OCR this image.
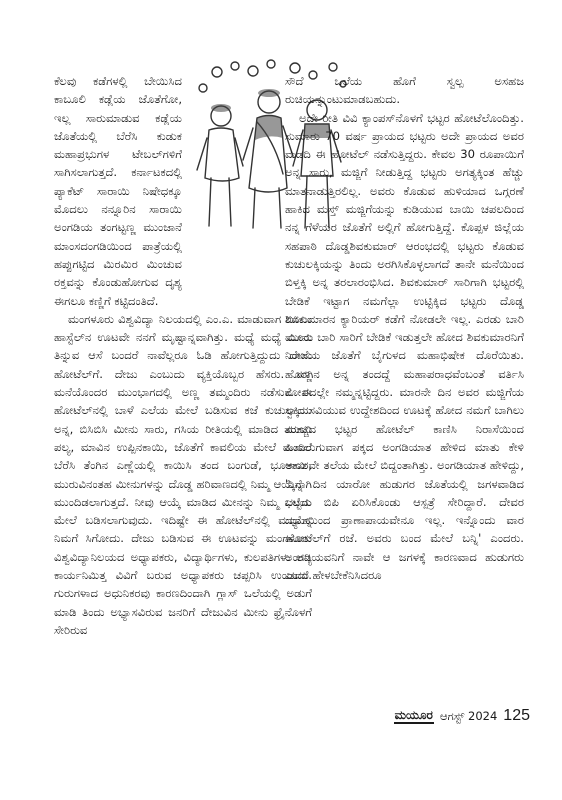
ಕೆಲವು ಕಡೆಗಳಲ್ಲಿ ಬೇಯಿಸಿದ ಕಾಬೂಲಿ ಕಡ್ಲೆಯ ಜೊತೆಗೋ, ಇಲ್ಲ ಸಾರುಮಾಡುವ ಕಡ್ಲೆಯ ಜೊತೆಯಲ್ಲಿ ಬೆರೆಸಿ ಕುಡುಕ ಮಹಾಪ್ರಭುಗಳ ಟೇಬಲ್‌ಗಳಿಗೆ ಸಾಗಿಸಲಾಗುತ್ತದೆ. ಕರ್ನಾಟಕದಲ್ಲಿ ಪ್ಯಾಕೆಟ್ ಸಾರಾಯಿ ನಿಷೇಧಕ್ಕೂ ಮೊದಲು ನನ್ನೂರಿನ ಸಾರಾಯಿ ಅಂಗಡಿಯ ತಂಗಟ್ಟಣ್ಣ ಮುಂಜಾನೆ ಮಾಂಸದಂಗಡಿಯಿಂದ ಪಾತ್ರೆಯಲ್ಲಿ ಹಪ್ಪುಗಟ್ಟಿದ ಮಿರಮಿರ ಮಿಂಚುವ ರಕ್ತವನ್ನು ಕೊಂಡುಹೋಗುವ ದೃಶ್ಯ ಈಗಲೂ ಕಣ್ಣಿಗೆ ಕಟ್ಟಿದಂತಿದೆ.

ಮಂಗಳೂರು ವಿಶ್ವವಿದ್ಯಾ ನಿಲಯದಲ್ಲಿ ಎಂ.ಎ. ಮಾಡುವಾಗ ಬಿಸಿಎಂ ಹಾಸ್ಟೆಲ್‌ನ ಊಟವೇ ನನಗೆ ಮೃಷ್ಟಾನ್ನವಾಗಿತ್ತು. ಮಧ್ಯೆ ಮಧ್ಯೆ ಮೀನು ತಿನ್ನುವ ಆಸೆ ಬಂದರೆ ನಾವೆಲ್ಲರೂ ಓಡಿ ಹೋಗುತ್ತಿದ್ದುದು ದೇಜು ಹೋಟೆಲ್‌ಗೆ. ದೇಜು ಎಂಬುದು ವ್ಯಕ್ತಿಯೊಬ್ಬರ ಹೆಸರು. ಸಣ್ಣ ಮನೆಯೊಂದರ ಮುಂಭಾಗದಲ್ಲಿ ಅಣ್ಣ ತಮ್ಮಂದಿರು ನಡೆಸುವ ಈ ಹೋಟೆಲ್‌ನಲ್ಲಿ ಬಾಳೆ ಎಲೆಯ ಮೇಲೆ ಬಡಿಸುವ ಕಜೆ ಕುಚುಲಕ್ಕಿಯ ಅನ್ನ, ಬಿಸಿಬಿಸಿ ಮೀನು ಸಾರು, ಗಸಿಯ ರೀತಿಯಲ್ಲಿ ಮಾಡಿದ ತರಕಾರಿ ಪಲ್ಯ, ಮಾವಿನ ಉಪ್ಪಿನಕಾಯಿ, ಜೊತೆಗೆ ಕಾವಲಿಯ ಮೇಲೆ ಮಸಾಲೆ ಬೆರೆಸಿ ತೆಂಗಿನ ಎಣ್ಣೆಯಲ್ಲಿ ಕಾಯಿಸಿ ತಂದ ಬಂಗುಡೆ, ಭೂತಾಯಿ, ಮುರುವಿನಂತಹ ಮೀನುಗಳನ್ನು ದೊಡ್ಡ ಹರಿವಾಣದಲ್ಲಿ ನಿಮ್ಮ ಆಯ್ಕೆಗಾಗಿ ಮುಂದಿಡಲಾಗುತ್ತದೆ. ನೀವು ಆಯ್ಕೆ ಮಾಡಿದ ಮೀನನ್ನು ನಿಮ್ಮ ಎಲೆಯ ಮೇಲೆ ಬಡಿಸಲಾಗುವುದು. ಇದಿಷ್ಟೇ ಈ ಹೋಟೆಲ್‌ನಲ್ಲಿ ಮಧ್ಯಾಹ್ನ ನಿಮಗೆ ಸಿಗೋದು. ದೇಜು ಬಡಿಸುವ ಈ ಊಟವನ್ನು ಮಂಗಳೂರು ವಿಶ್ವವಿದ್ಯಾನಿಲಯದ ಅಧ್ಯಾಪಕರು, ವಿದ್ಯಾರ್ಥಿಗಳು, ಕುಲಪತಿಗಳು ಅನ್ಯ ಕಾರ್ಯನಿಮಿತ್ತ ವಿವಿಗೆ ಬರುವ ಅಧ್ಯಾಪಕರು ಚಪ್ಪರಿಸಿ ಉಂಡವರೆ. ಗುರುಗಳಾದ ಅಧುನಿಕರವು ಕಾರಣದಿಂದಾಗಿ ಗ್ಲಾಸ್ ಒಲೆಯಲ್ಲಿ ಅಡುಗೆ ಮಾಡಿ ತಿಂದು ಅಭ್ಯಾಸವಿರುವ ಜನರಿಗೆ ದೇಜುವಿನ ಮೀನು ಫ್ರೈನೊಳಗೆ ಸೇರಿರುವ

ಸೌದೆ ಒಲೆಯ ಹೊಗೆ ಸ್ವಲ್ಪ ಅಸಹಜ ರುಚಿಯನ್ನುಂಟುಮಾಡಬಹುದು.

ಅದೇ ರೀತಿ ವಿವಿ ಕ್ಯಾಂಪಸ್‌ನೊಳಗೆ ಭಟ್ಟರ ಹೋಟೆಲೊಂದಿತ್ತು. ಸುಮಾರು 70 ವರ್ಷ ಪ್ರಾಯದ ಭಟ್ಟರು ಅದೇ ಪ್ರಾಯದ ಅವರ ಮಡದಿ ಈ ಹೋಟೆಲ್ ನಡೆಸುತ್ತಿದ್ದರು. ಕೇವಲ 30 ರೂಪಾಯಿಗೆ ಅನ್ನ ಸಾರು, ಮಜ್ಜಿಗೆ ನೀಡುತ್ತಿದ್ದ ಭಟ್ಟರು ಅಗತ್ಯಕ್ಕಿಂತ ಹೆಚ್ಚು ಮಾತನಾಡುತ್ತಿರಲಿಲ್ಲ. ಅವರು ಕೊಡುವ ಹುಳಿಯಾದ ಒಗ್ಗರಣೆ ಹಾಕಿದ ಮಸ್ತ್ ಮಜ್ಜಿಗೆಯನ್ನು ಕುಡಿಯುವ ಬಾಯಿ ಚಪಲದಿಂದ ನನ್ನ ಗೆಳೆಯರ ಜೊತೆಗೆ ಅಲ್ಲಿಗೆ ಹೋಗುತ್ತಿದ್ದೆ. ಕೊಪ್ಪಳ ಜಿಲ್ಲೆಯ ಸಹಪಾಠಿ ದೊಡ್ಡಶಿವಕುಮಾರ್ ಆರಂಭದಲ್ಲಿ ಭಟ್ಟರು ಕೊಡುವ ಕುಚುಲಕ್ಕಿಯನ್ನು ತಿಂದು ಅರಗಿಸಿಕೊಳ್ಳಲಾಗದೆ ತಾನೇ ಮನೆಯಿಂದ ಬಿಳ್ತಕ್ಕಿ ಅನ್ನ ತರಲಾರಂಭಿಸಿದ. ಶಿವಕುಮಾರ್ ಸಾರಿಗಾಗಿ ಭಟ್ಟರಲ್ಲಿ ಬೇಡಿಕೆ ಇಟ್ಟಾಗ ನಮಗೆಲ್ಲಾ ಉಟ್ಟಿಕ್ಕಿದ ಭಟ್ಟರು ದೊಡ್ಡ ಶಿವಕುಮಾರನ ಕ್ಯಾರಿಯರ್ ಕಡೆಗೆ ನೋಡಲೇ ಇಲ್ಲ. ಎರಡು ಬಾರಿ ಮೂರು ಬಾರಿ ಸಾರಿಗೆ ಬೇಡಿಕೆ ಇಡುತ್ತಲೇ ಹೋದ ಶಿವಕುಮಾರನಿಗೆ ನಿರಾಸೆಯ ಜೊತೆಗೆ ಬೈಗುಳದ ಮಹಾಭಿಷೇಕ ದೊರೆಯಿತು. ಹೊರಗಿನ ಅನ್ನ ತಂದದ್ದೆ ಮಹಾಪರಾಧವೆಂಬಂತೆ ವರ್ತಿಸಿ ಕೋಪದಲ್ಲೇ ನಮ್ಮನ್ನಟ್ಟಿದ್ದರು. ಮಾರನೇ ದಿನ ಅವರ ಮಜ್ಜಿಗೆಯ ಸ್ವಾದ ಸವಿಯುವ ಉದ್ದೇಶದಿಂದ ಊಟಕ್ಕೆ ಹೋದ ನಮಗೆ ಬಾಗಿಲು ಮುಚ್ಚಿದ ಭಟ್ಟರ ಹೋಟೆಲ್ ಕಾಣಿಸಿ ನಿರಾಸೆಯಿಂದ ಹಿಂದಿರುಗುವಾಗ ಪಕ್ಕದ ಅಂಗಡಿಯಾತ ಹೇಳಿದ ಮಾತು ಕೇಳಿ ಆಕಾಶವೇ ತಲೆಯ ಮೇಲೆ ಬಿದ್ದಂತಾಗಿತ್ತು. ಅಂಗಡಿಯಾತ ಹೇಳಿದ್ದು, 'ನಿನ್ನೆ ದಿನ ಯಾರೋ ಹುಡುಗರ ಜೊತೆಯಲ್ಲಿ ಜಗಳವಾಡಿದ ಭಟ್ಟರು ಬಿಪಿ ಏರಿಸಿಕೊಂಡು ಆಸ್ಪತ್ರೆ ಸೇರಿದ್ದಾರೆ. ದೇವರ ದಯೆಯಿಂದ ಪ್ರಾಣಾಪಾಯವೇನೂ ಇಲ್ಲ. ಇನ್ನೊಂದು ವಾರ ಹೋಟೆಲ್‌ಗೆ ರಜೆ. ಅವರು ಬಂದ ಮೇಲೆ ಬನ್ನಿ' ಎಂದರು. ಅಂಗಡಿಯವನಿಗೆ ನಾವೇ ಆ ಜಗಳಕ್ಕೆ ಕಾರಣವಾದ ಹುಡುಗರು ಎಂದು ಹೇಳಬೇಕೆನಿಸಿದರೂ

ಮಯೂರ ಆಗಸ್ಟ್ 2024 125
